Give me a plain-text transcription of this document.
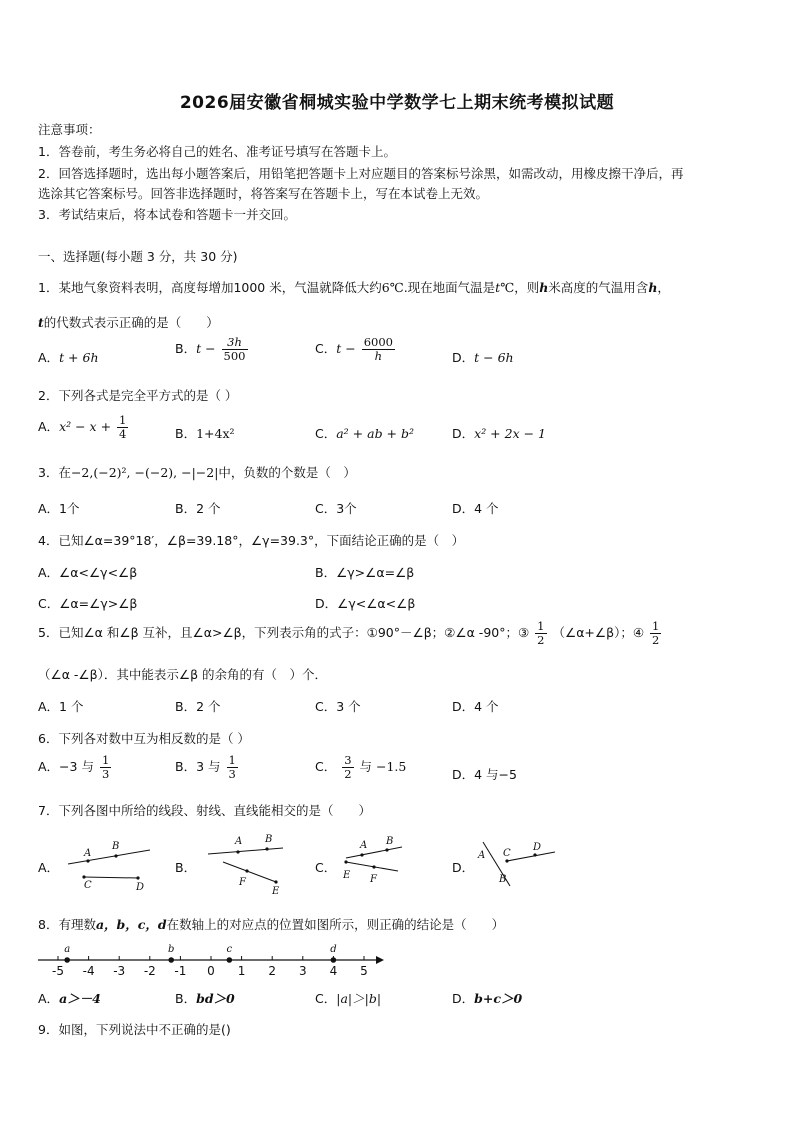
2026届安徽省桐城实验中学数学七上期末统考模拟试题
注意事项：
1．答卷前，考生务必将自己的姓名、准考证号填写在答题卡上。
2．回答选择题时，选出每小题答案后，用铅笔把答题卡上对应题目的答案标号涂黑，如需改动，用橡皮擦干净后，再
选涂其它答案标号。回答非选择题时，将答案写在答题卡上，写在本试卷上无效。
3．考试结束后，将本试卷和答题卡一并交回。
一、选择题(每小题 3 分，共 30 分)
1．某地气象资料表明，高度每增加1000 米，气温就降低大约6℃.现在地面气温是t℃，则h米高度的气温用含h，
t的代数式表示正确的是（　　）
A．t + 6h
B．$t - \frac{3h}{500}$	C．$t - \frac{6000}{h}$	D．t − 6h
2．下列各式是完全平方式的是（ ）
A．$x^2 - x + \frac{1}{4}$	B．1+4x²	C．a² + ab + b²	D．x² + 2x − 1
3．在−2,(−2)², −(−2), −|−2|中，负数的个数是（　）
A．1个	B．2 个	C．3个	D．4 个
4．已知∠α=39°18′，∠β=39.18°，∠γ=39.3°，下面结论正确的是（　）
A．∠α<∠γ<∠β	B．∠γ>∠α=∠β
C．∠α=∠γ>∠β	D．∠γ<∠α<∠β
5．已知∠α 和∠β 互补，且∠α>∠β，下列表示角的式子：①90°－∠β；②∠α -90°；③ $\frac{1}{2}$ （∠α+∠β）；④ $\frac{1}{2}$
（∠α -∠β）．其中能表示∠β 的余角的有（　）个．
A．1 个	B．2 个	C．3 个	D．4 个
6．下列各对数中互为相反数的是（ ）
A．−3 与 $\frac{1}{3}$	B．3 与 $\frac{1}{3}$	C． $\frac{3}{2}$ 与 −1.5
D．4 与−5
7．下列各图中所给的线段、射线、直线能相交的是（　　）
A．
A
B
C	D
B．
A B
F
E
C．
A B
E F
D．
A C
D
B
8．有理数a，b，c，d在数轴上的对应点的位置如图所示，则正确的结论是（　　）
-5 -4 -3 -2 -1 0 1 2 3 4 5
a	b	c	d
A．a＞－4	B．bd＞0	C．|a|＞|b|	D．b+c＞0
9．如图，下列说法中不正确的是()
